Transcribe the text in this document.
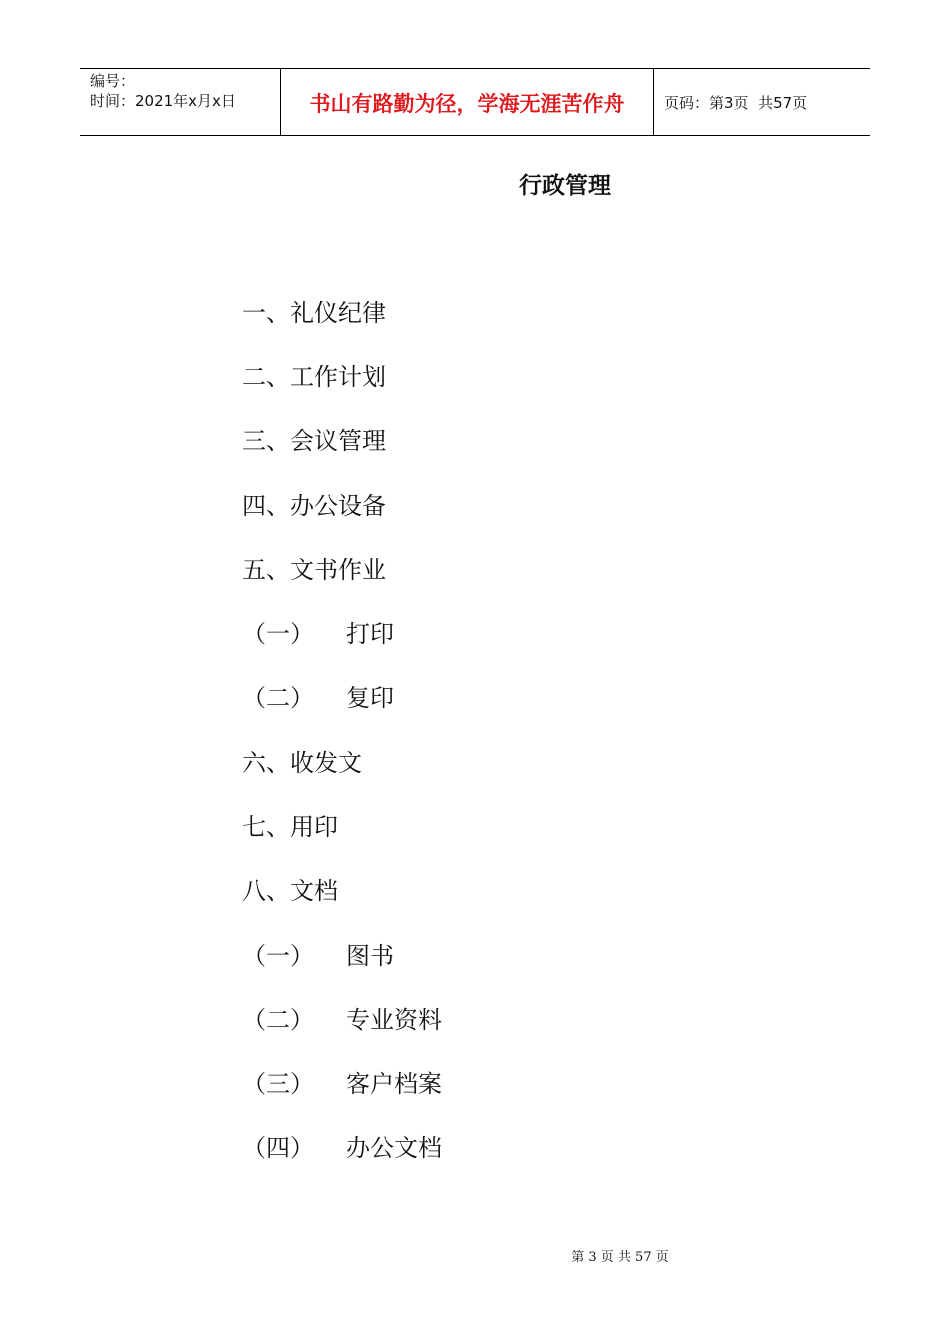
编号：
时间：2021年x月x日	书山有路勤为径，学海无涯苦作舟	页码：第3页  共57页
行政管理
一、礼仪纪律
二、工作计划
三、会议管理
四、办公设备
五、文书作业
（一） 打印
（二） 复印
六、收发文
七、用印
八、文档
（一） 图书
（二） 专业资料
（三） 客户档案
（四） 办公文档
第 3 页 共 57 页
